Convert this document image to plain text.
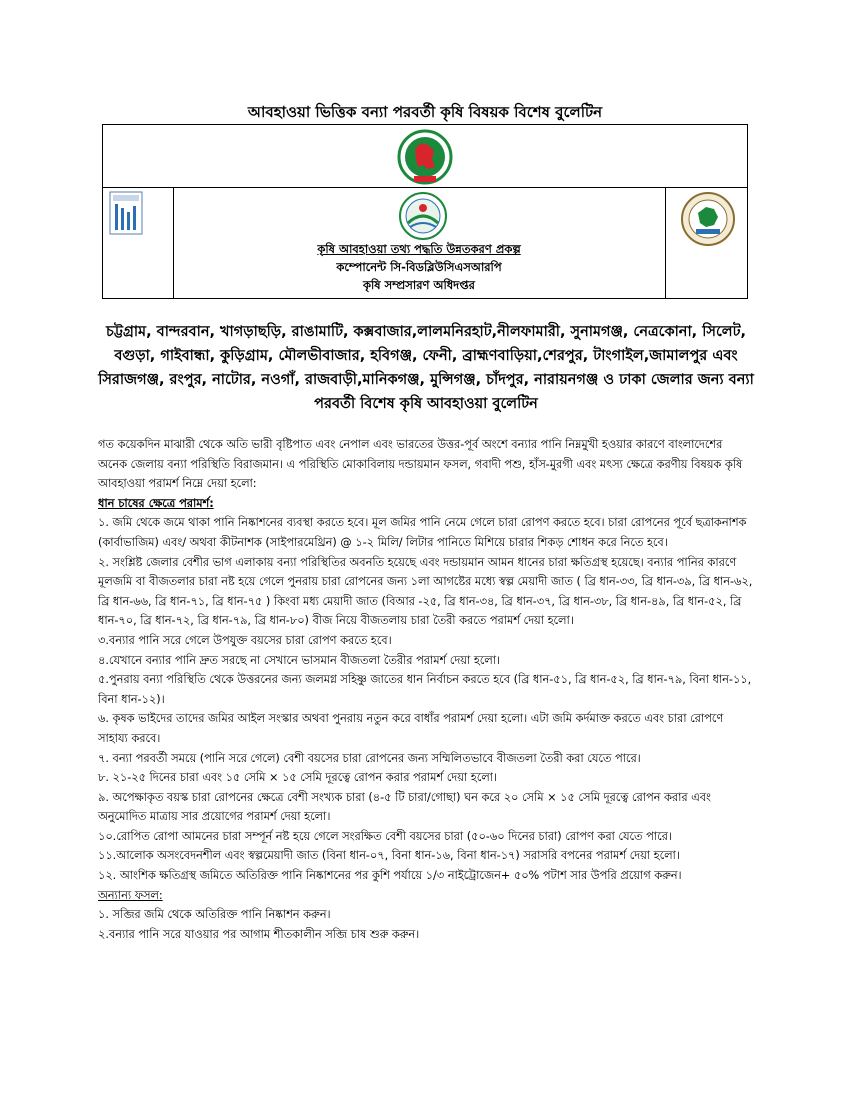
আবহাওয়া ভিত্তিক বন্যা পরবর্তী কৃষি বিষয়ক বিশেষ বুলেটিন
কৃষি আবহাওয়া তথ্য পদ্ধতি উন্নতকরণ প্রকল্প
কম্পোনেন্ট সি-বিডব্লিউসিএসআরপি
কৃষি সম্প্রসারণ অধিদপ্তর
চট্টগ্রাম, বান্দরবান, খাগড়াছড়ি, রাঙামাটি, কক্সবাজার,লালমনিরহাট,নীলফামারী, সুনামগঞ্জ, নেত্রকোনা, সিলেট,
বগুড়া, গাইবান্ধা, কুড়িগ্রাম, মৌলভীবাজার, হবিগঞ্জ, ফেনী, ব্রাহ্মণবাড়িয়া,শেরপুর, টাংগাইল,জামালপুর এবং
সিরাজগঞ্জ, রংপুর, নাটোর, নওগাঁ, রাজবাড়ী,মানিকগঞ্জ, মুন্সিগঞ্জ, চাঁদপুর, নারায়নগঞ্জ ও ঢাকা জেলার জন্য বন্যা
পরবর্তী বিশেষ কৃষি আবহাওয়া বুলেটিন

গত কয়েকদিন মাঝারী থেকে অতি ভারী বৃষ্টিপাত এবং নেপাল এবং ভারতের উত্তর-পূর্ব অংশে বন্যার পানি নিম্নমুখী হওয়ার কারণে বাংলাদেশের অনেক জেলায় বন্যা পরিস্থিতি বিরাজমান। এ পরিস্থিতি মোকাবিলায় দন্ডায়মান ফসল, গবাদী পশু, হাঁস-মুরগী এবং মৎস্য ক্ষেত্রে করণীয় বিষয়ক কৃষি আবহাওয়া পরামর্শ নিম্নে দেয়া হলো:

ধান চাষের ক্ষেত্রে পরামর্শ:

১. জমি থেকে জমে থাকা পানি নিষ্কাশনের ব্যবস্থা করতে হবে। মূল জমির পানি নেমে গেলে চারা রোপণ করতে হবে। চারা রোপনের পূর্বে ছত্রাকনাশক (কার্বাভাজিম) এবং/ অথবা কীটনাশক (সাইপারমেথ্রিন) @ ১-২ মিলি/ লিটার পানিতে মিশিয়ে চারার শিকড় শোধন করে নিতে হবে।

২. সংশ্লিষ্ট জেলার বেশীর ভাগ এলাকায় বন্যা পরিস্থিতির অবনতি হয়েছে এবং দন্ডায়মান আমন ধানের চারা ক্ষতিগ্রস্থ হয়েছে। বন্যার পানির কারণে মূলজমি বা বীজতলার চারা নষ্ট হয়ে গেলে পুনরায় চারা রোপনের জন্য ১লা আগষ্টের মধ্যে স্বল্প মেয়াদী জাত ( ব্রি ধান-৩৩, ব্রি ধান-৩৯, ব্রি ধান-৬২, ব্রি ধান-৬৬, ব্রি ধান-৭১, ব্রি ধান-৭৫ ) কিংবা মধ্য মেয়াদী জাত (বিআর -২৫, ব্রি ধান-৩৪, ব্রি ধান-৩৭, ব্রি ধান-৩৮, ব্রি ধান-৪৯, ব্রি ধান-৫২, ব্রি ধান-৭০, ব্রি ধান-৭২, ব্রি ধান-৭৯, ব্রি ধান-৮০) বীজ নিয়ে বীজতলায় চারা তৈরী করতে পরামর্শ দেয়া হলো।

৩.বন্যার পানি সরে গেলে উপযুক্ত বয়সের চারা রোপণ করতে হবে।

৪.যেখানে বন্যার পানি দ্রুত সরছে না সেখানে ভাসমান বীজতলা তৈরীর পরামর্শ দেয়া হলো।

৫.পুনরায় বন্যা পরিস্থিতি থেকে উত্তরনের জন্য জলমগ্ন সহিষ্ণু জাতের ধান নির্বাচন করতে হবে (ব্রি ধান-৫১, ব্রি ধান-৫২, ব্রি ধান-৭৯, বিনা ধান-১১, বিনা ধান-১২)।

৬. কৃষক ভাইদের তাদের জমির আইল সংস্কার অথবা পুনরায় নতুন করে বাধাঁর পরামর্শ দেয়া হলো। এটা জমি কর্দমাক্ত করতে এবং চারা রোপণে সাহায্য করবে।

৭. বন্যা পরবর্তী সময়ে (পানি সরে গেলে) বেশী বয়সের চারা রোপনের জন্য সম্মিলিতভাবে বীজতলা তৈরী করা যেতে পারে।

৮. ২১-২৫ দিনের চারা এবং ১৫ সেমি × ১৫ সেমি দূরত্বে রোপন করার পরামর্শ দেয়া হলো।

৯. অপেক্ষাকৃত বয়স্ক চারা রোপনের ক্ষেত্রে বেশী সংখ্যক চারা (৪-৫ টি চারা/গোছা) ঘন করে ২০ সেমি × ১৫ সেমি দূরত্বে রোপন করার এবং অনুমোদিত মাত্রায় সার প্রয়োগের পরামর্শ দেয়া হলো।

১০.রোপিত রোপা আমনের চারা সম্পূর্ন নষ্ট হয়ে গেলে সংরক্ষিত বেশী বয়সের চারা (৫০-৬০ দিনের চারা) রোপণ করা যেতে পারে।

১১.আলোক অসংবেদনশীল এবং স্বল্পমেয়াদী জাত (বিনা ধান-০৭, বিনা ধান-১৬, বিনা ধান-১৭) সরাসরি বপনের পরামর্শ দেয়া হলো।

১২. আংশিক ক্ষতিগ্রস্থ জমিতে অতিরিক্ত পানি নিষ্কাশনের পর কুশি পর্যায়ে ১/৩ নাইট্রোজেন+ ৫০% পটাশ সার উপরি প্রয়োগ করুন।

অন্যান্য ফসল:

১. সব্জির জমি থেকে অতিরিক্ত পানি নিষ্কাশন করুন।

২.বন্যার পানি সরে যাওয়ার পর আগাম শীতকালীন সব্জি চাষ শুরু করুন।
